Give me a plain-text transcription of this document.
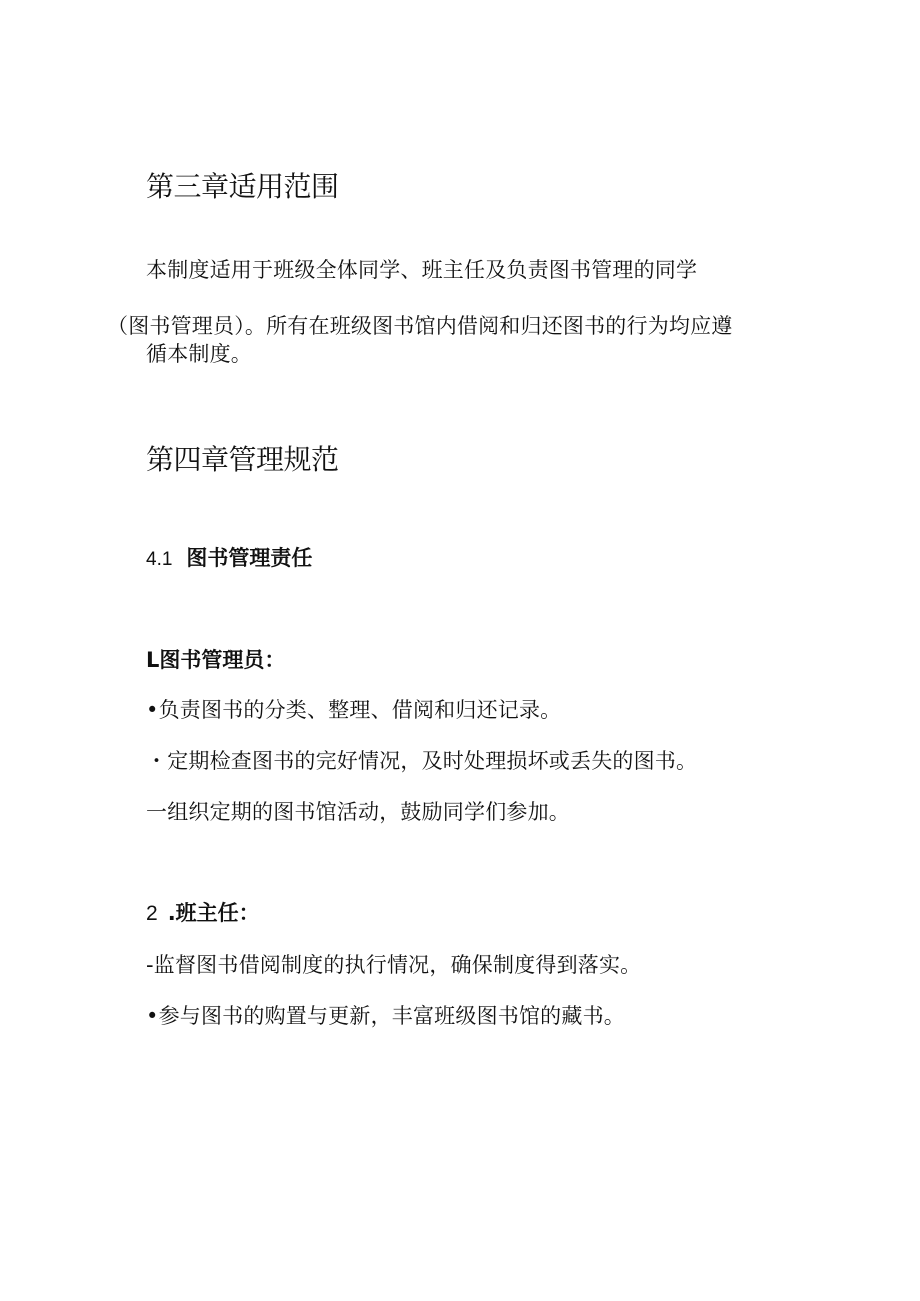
第三章适用范围
本制度适用于班级全体同学、班主任及负责图书管理的同学
（图书管理员）。所有在班级图书馆内借阅和归还图书的行为均应遵
循本制度。
第四章管理规范
4.1 图书管理责任
L图书管理员：
•负责图书的分类、整理、借阅和归还记录。
・定期检查图书的完好情况，及时处理损坏或丢失的图书。
一组织定期的图书馆活动，鼓励同学们参加。
2 .班主任：
-监督图书借阅制度的执行情况，确保制度得到落实。
•参与图书的购置与更新，丰富班级图书馆的藏书。
